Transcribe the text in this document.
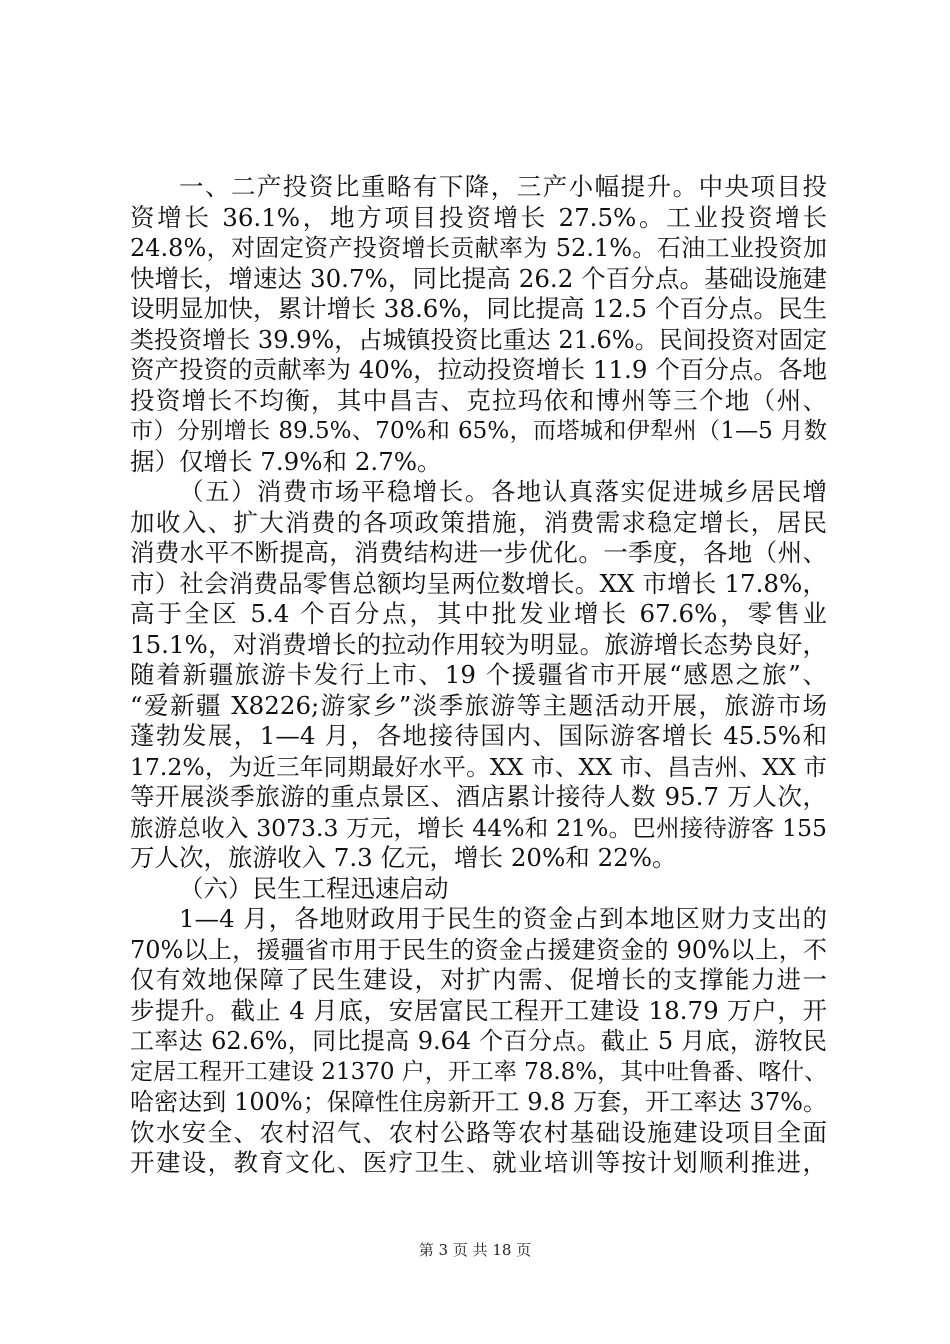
一、二产投资比重略有下降，三产小幅提升。中央项目投
资增长 36.1%，地方项目投资增长 27.5%。工业投资增长
24.8%，对固定资产投资增长贡献率为 52.1%。石油工业投资加
快增长，增速达 30.7%，同比提高 26.2 个百分点。基础设施建
设明显加快，累计增长 38.6%，同比提高 12.5 个百分点。民生
类投资增长 39.9%，占城镇投资比重达 21.6%。民间投资对固定
资产投资的贡献率为 40%，拉动投资增长 11.9 个百分点。各地
投资增长不均衡，其中昌吉、克拉玛依和博州等三个地（州、
市）分别增长 89.5%、70%和 65%，而塔城和伊犁州（1—5 月数
据）仅增长 7.9%和 2.7%。
（五）消费市场平稳增长。各地认真落实促进城乡居民增
加收入、扩大消费的各项政策措施，消费需求稳定增长，居民
消费水平不断提高，消费结构进一步优化。一季度，各地（州、
市）社会消费品零售总额均呈两位数增长。XX 市增长 17.8%，
高于全区 5.4 个百分点，其中批发业增长 67.6%，零售业
15.1%，对消费增长的拉动作用较为明显。旅游增长态势良好，
随着新疆旅游卡发行上市、19 个援疆省市开展“感恩之旅”、
“爱新疆 X8226;游家乡”淡季旅游等主题活动开展，旅游市场
蓬勃发展，1—4 月，各地接待国内、国际游客增长 45.5%和
17.2%，为近三年同期最好水平。XX 市、XX 市、昌吉州、XX 市
等开展淡季旅游的重点景区、酒店累计接待人数 95.7 万人次，
旅游总收入 3073.3 万元，增长 44%和 21%。巴州接待游客 155
万人次，旅游收入 7.3 亿元，增长 20%和 22%。
（六）民生工程迅速启动
1—4 月，各地财政用于民生的资金占到本地区财力支出的
70%以上，援疆省市用于民生的资金占援建资金的 90%以上，不
仅有效地保障了民生建设，对扩内需、促增长的支撑能力进一
步提升。截止 4 月底，安居富民工程开工建设 18.79 万户，开
工率达 62.6%，同比提高 9.64 个百分点。截止 5 月底，游牧民
定居工程开工建设 21370 户，开工率 78.8%，其中吐鲁番、喀什、
哈密达到 100%；保障性住房新开工 9.8 万套，开工率达 37%。
饮水安全、农村沼气、农村公路等农村基础设施建设项目全面
开建设，教育文化、医疗卫生、就业培训等按计划顺利推进，
第 3 页 共 18 页
